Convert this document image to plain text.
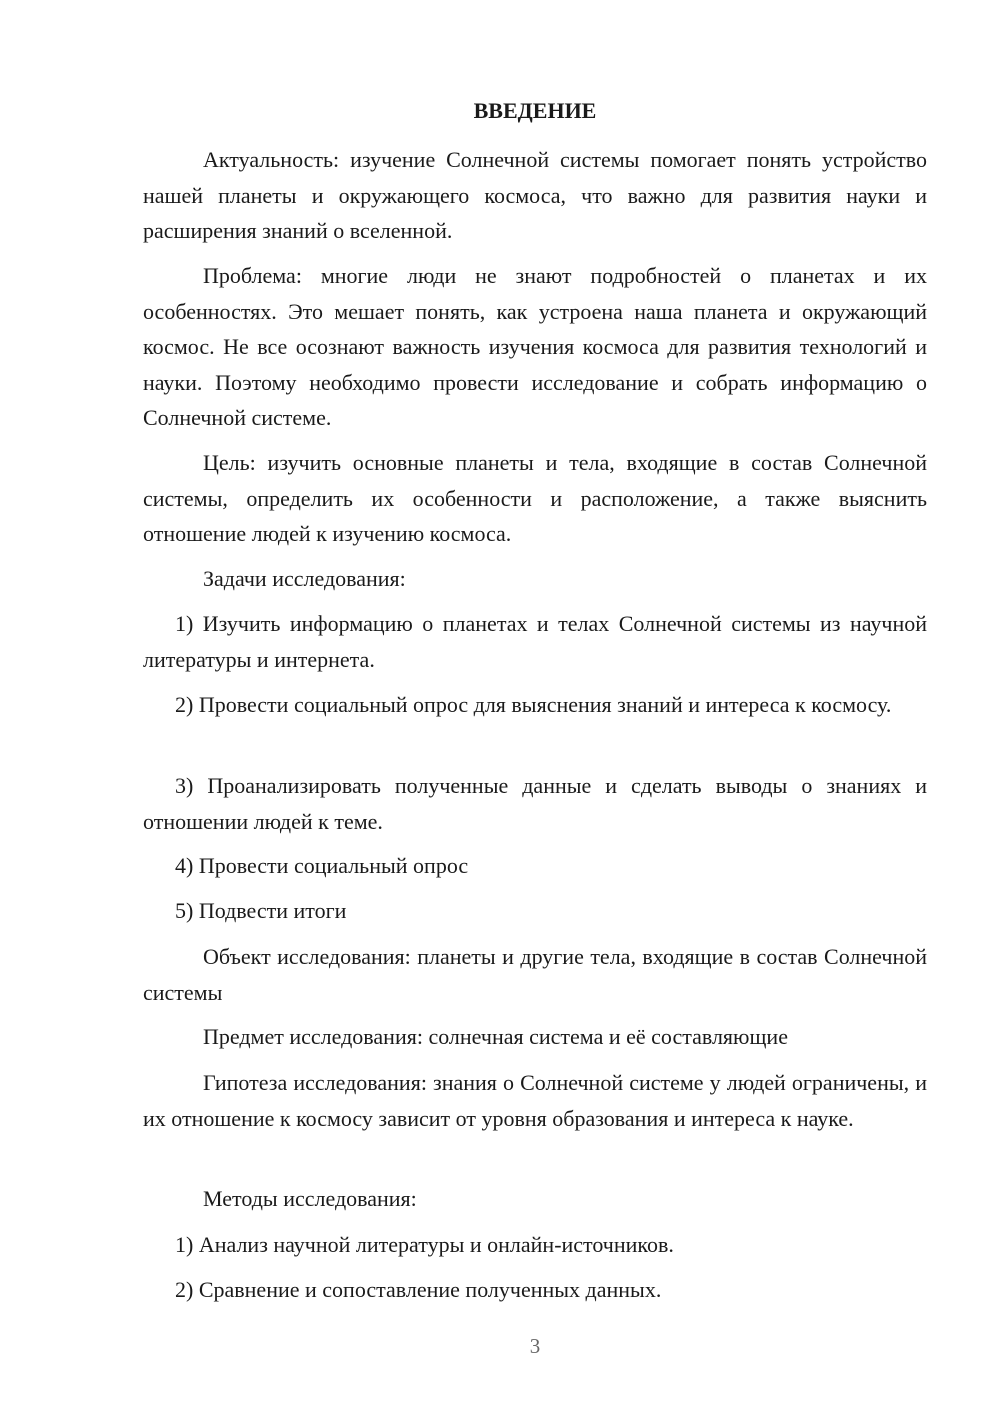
ВВЕДЕНИЕ

Актуальность: изучение Солнечной системы помогает понять устройство нашей планеты и окружающего космоса, что важно для развития науки и расширения знаний о вселенной.

Проблема: многие люди не знают подробностей о планетах и их особенностях. Это мешает понять, как устроена наша планета и окружающий космос. Не все осознают важность изучения космоса для развития технологий и науки. Поэтому необходимо провести исследование и собрать информацию о Солнечной системе.

Цель: изучить основные планеты и тела, входящие в состав Солнечной системы, определить их особенности и расположение, а также выяснить отношение людей к изучению космоса.

Задачи исследования:

1) Изучить информацию о планетах и телах Солнечной системы из научной литературы и интернета.

2) Провести социальный опрос для выяснения знаний и интереса к космосу.

3) Проанализировать полученные данные и сделать выводы о знаниях и отношении людей к теме.

4) Провести социальный опрос

5) Подвести итоги

Объект исследования: планеты и другие тела, входящие в состав Солнечной системы

Предмет исследования: солнечная система и её составляющие

Гипотеза исследования: знания о Солнечной системе у людей ограничены, и их отношение к космосу зависит от уровня образования и интереса к науке.

Методы исследования:

1) Анализ научной литературы и онлайн-источников.

2) Сравнение и сопоставление полученных данных.

3
